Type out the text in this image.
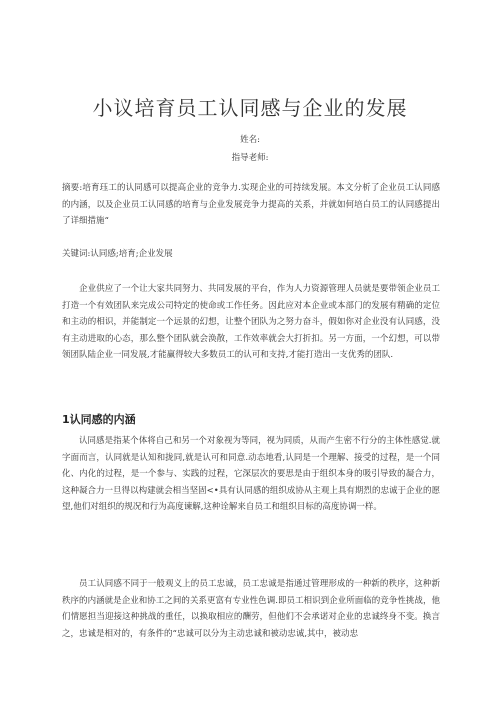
小议培育员工认同感与企业的发展
姓名:
指导老师:
摘要:培育珏工的认同感可以提高企业的竞争力.实现企业的可持续发展。本文分析了企业员工认同感的内涵，以及企业员工认同感的培育与企业发展竞争力提高的关系，并就如何培白员工的认同感提出了详细措施“
关键词:认同感;培育;企业发展
企业供应了一个让大家共同努力、共同发展的平台，作为人力资源管理人员就是要带领企业员工打造一个有效团队来完成公司特定的使命或工作任务。因此应对本企业或本部门的发展有精确的定位和主动的相识，并能制定一个远景的幻想，让整个团队为之努力奋斗，假如你对企业没有认同感，没有主动进取的心态，那么整个团队就会涣散，工作效率就会大打折扣。另一方面，一个幻想，可以带领团队陆企业一同发展,才能赢得较大多数员工的认可和支持,才能打造出一支优秀的团队.
1认同感的内涵
认同感是指某个体将自己和另一个对象视为等同，视为同质，从而产生密不行分的主体性感觉.就字面而言，认同就是认知和拢同,就是认可和同意.动态地看,认同是一个理解、接受的过程，是一个同化、内化的过程，是一个参与、实践的过程，它深层次的要思是由于组织本身的吸引导致的凝合力，这种凝合力一旦得以构建就会相当坚固<•具有认同感的组织成协从主观上具有期烈的忠诚于企业的愿望,他们对组织的规况和行为高度谏解,这种诠解来自员工和组织目标的高度协调一样。
员工认同感不同于一般观义上的员工忠诚，员工忠诚是指通过管理形成的一种新的秩序，这种新秩序的内涵就是企业和协工之间的关系更富有专业性色调.即员工相识到企业所面临的竞争性挑战，他们情愿担当迎接这种挑战的重任，以换取相应的酬劳，但他们不会承诺对企业的忠诚终身不变。换言之，忠诚是相对的，有条件的“忠诚可以分为主动忠诚和被动忠诚,其中，被动忠
